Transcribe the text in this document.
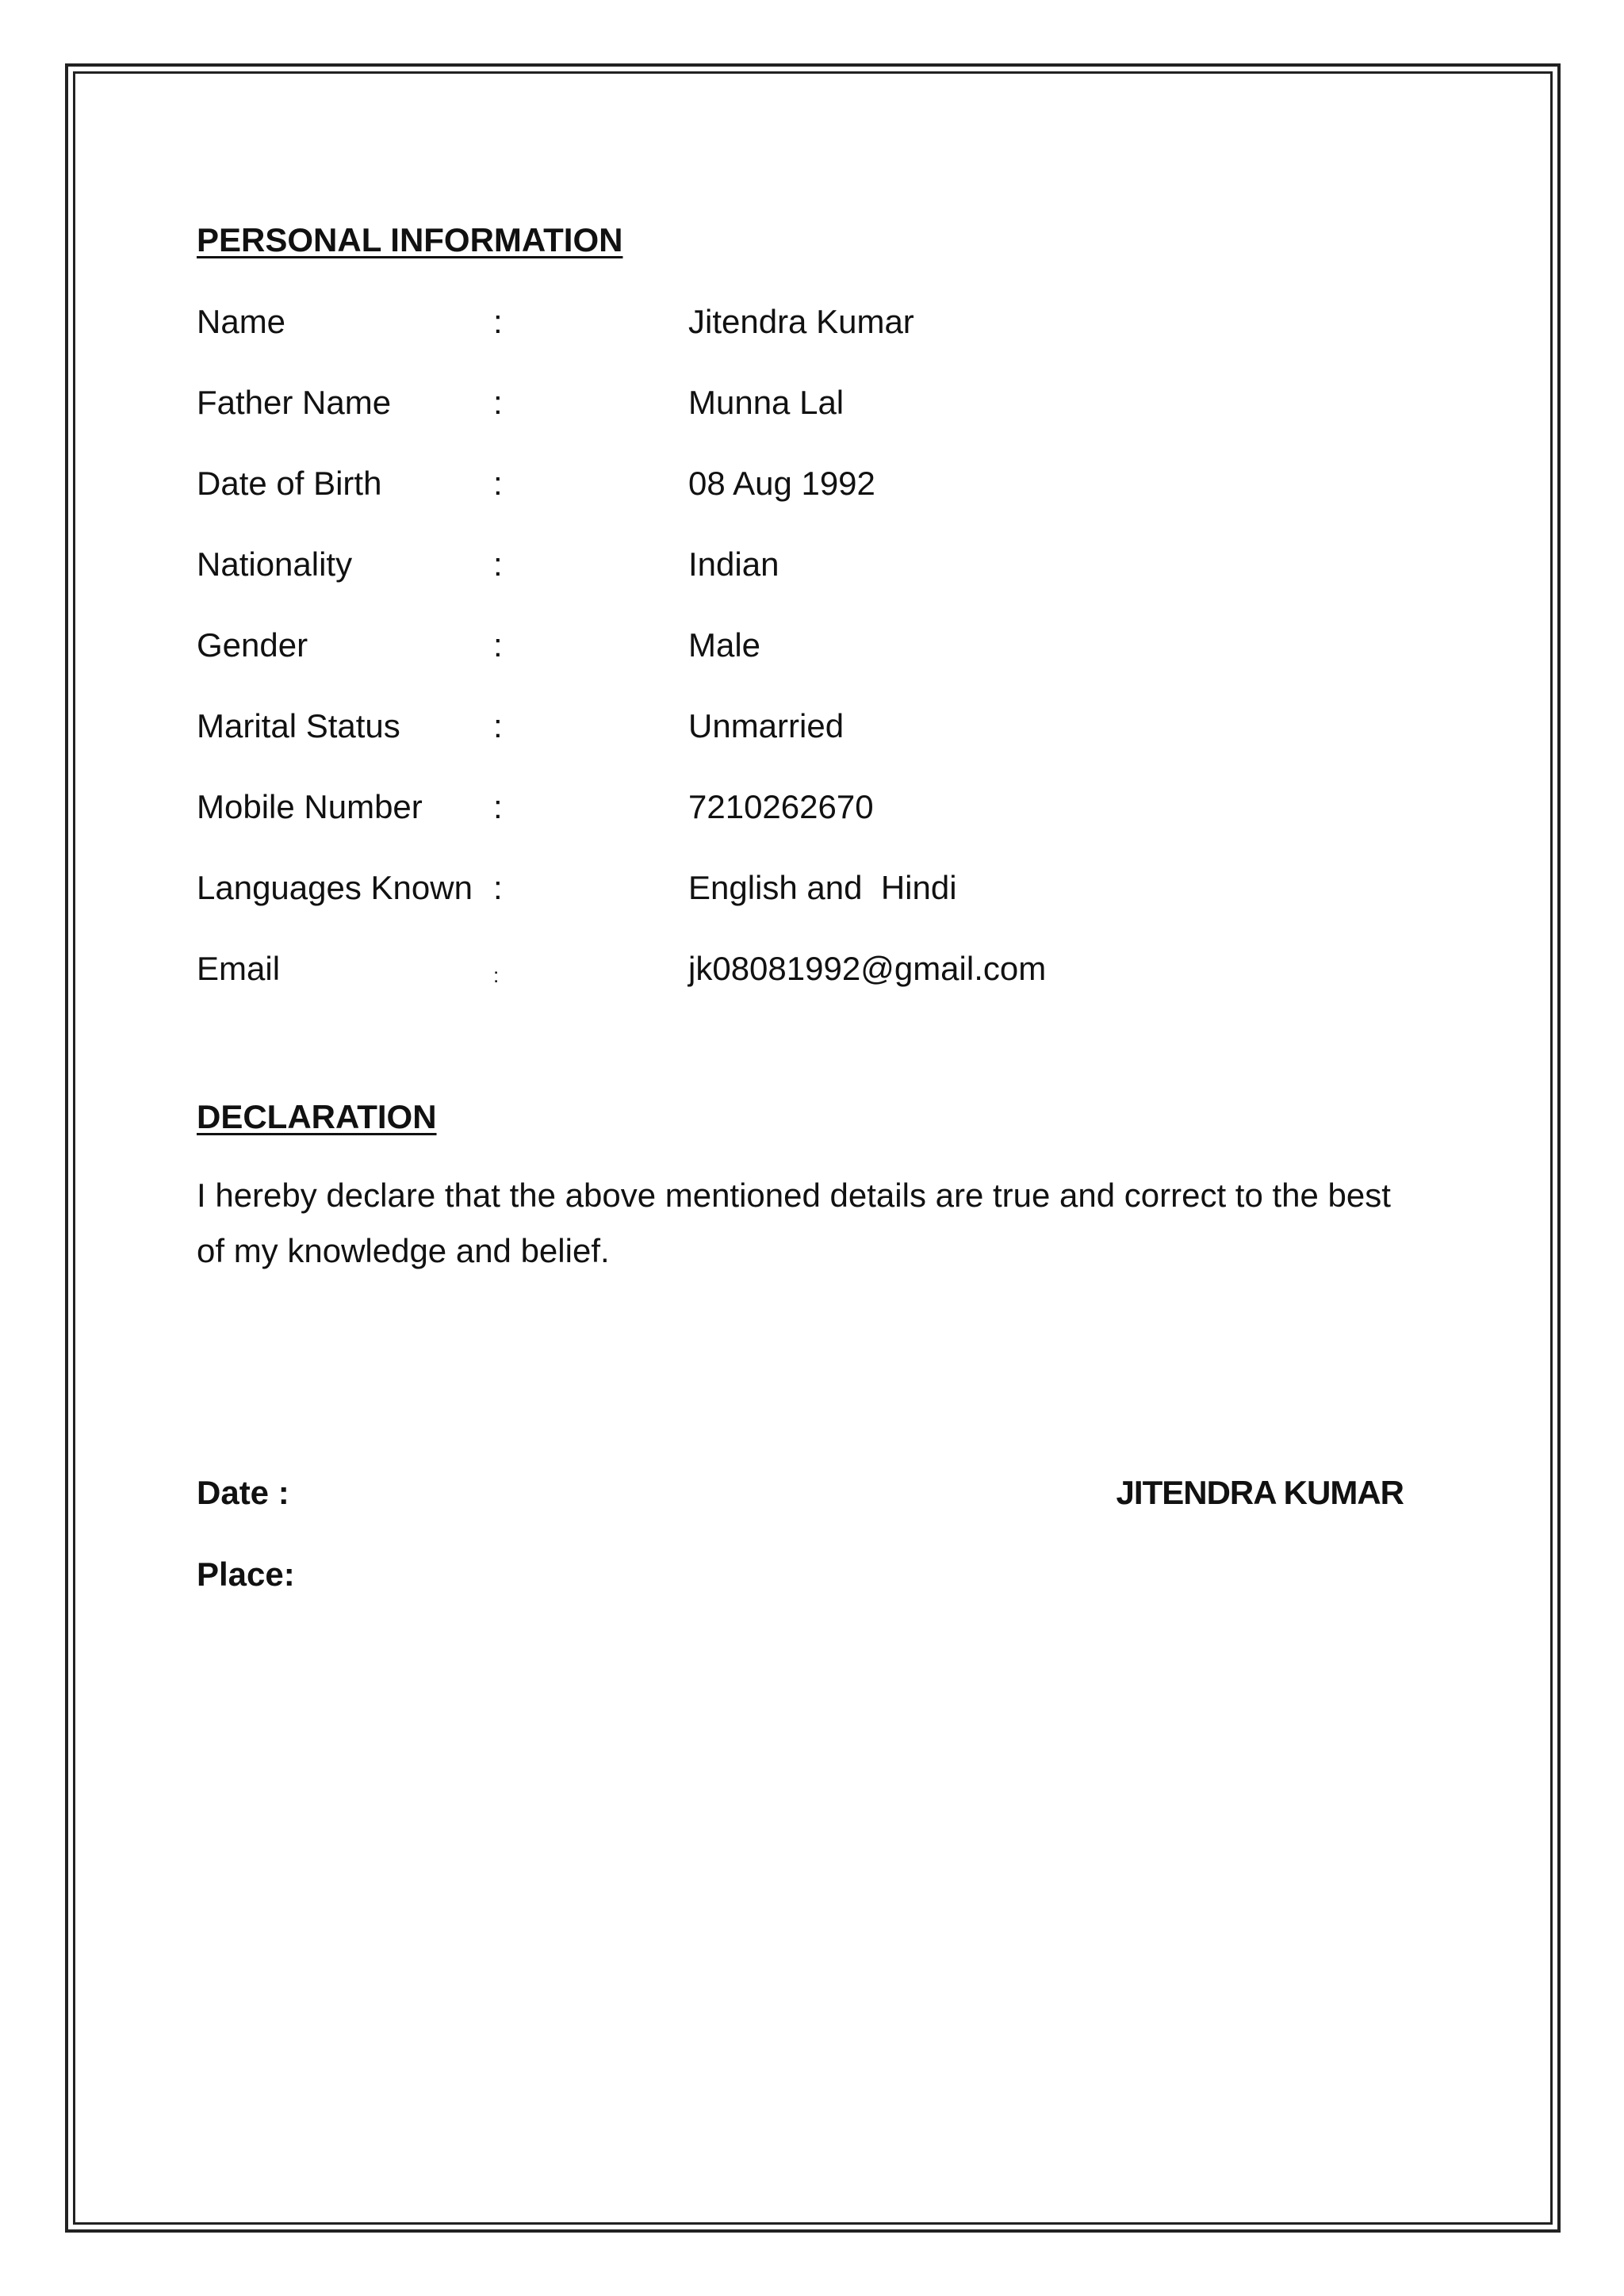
PERSONAL INFORMATION
Name	:	Jitendra Kumar
Father Name	:	Munna Lal
Date of Birth	:	08 Aug 1992
Nationality	:	Indian
Gender	:	Male
Marital Status	:	Unmarried
Mobile Number :	7210262670
Languages Known :	English and  Hindi
Email	:	jk08081992@gmail.com
DECLARATION
I hereby declare that the above mentioned details are true and correct to the best of my knowledge and belief.
Date :	JITENDRA KUMAR
Place:
